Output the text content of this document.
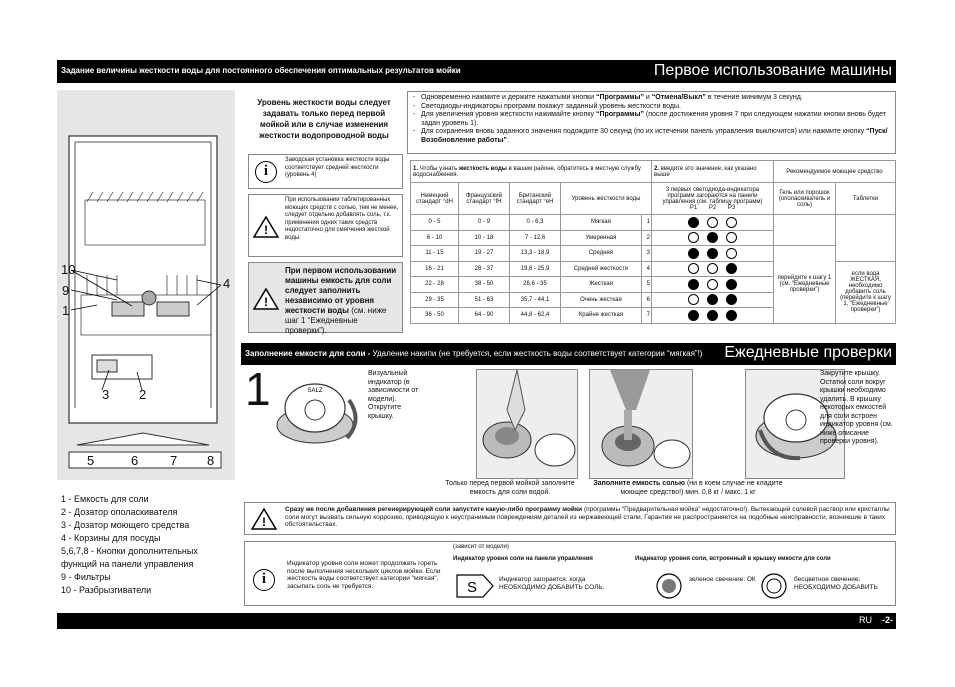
Задание величины жесткости воды для постоянного обеспечения оптимальных результатов мойки	Первое использование машины
10
9
1
4
3 2
5	6 7 8
1 - Емкость для соли
2 - Дозатор ополаскивателя
3 - Дозатор моющего средства
4 - Корзины для посуды
5,6,7,8 - Кнопки дополнительных
функций на панели управления
9 - Фильтры
10 - Разбрызгиватели
Уровень жесткости воды следует задавать только перед первой мойкой или в случае изменения жесткости водопроводной воды
- Одновременно нажмите и держите нажатыми кнопки “Программы” и “Отмена/Выкл” в течение минимум 3 секунд.
- Светодиоды-индикаторы программ покажут заданный уровень жесткости воды.
- Для увеличения уровня жесткости нажимайте кнопку “Программы” (после достижения уровня 7 при следующем нажатии кнопки вновь будет задан уровень 1).
- Для сохранения вновь заданного значения подождите 30 секунд (по их истечении панель управления выключится) или нажмите кнопку “Пуск/Возобновление работы”.
i
Заводская установка жесткости воды соответствует средней жесткости (уровень 4)
!
При использовании таблетированных моющих средств с солью, тем не менее, следует отдельно добавлять соль, т.к. применения одних таких средств недостаточно для смягчения жесткой воды.
!
При первом использовании машины емкость для соли следует заполнить независимо от уровня жесткости воды (см. ниже шаг 1 “Ежедневные проверки”).
1. Чтобы узнать жесткость воды в вашем районе, обратитесь в местную службу водоснабжения.					2. введите это значение, как указано выше	Рекомендуемое моющее средство	
Немецкий стандарт °dH	Французский стандарт °fH	Британский стандарт °eH	Уровень жесткости воды		3 первых светодиода-индикатора программ загораются на панели управления (см. таблицу программ)
P1 P2 P3	Гель или порошок (ополаскиватель и соль)	Таблетки
0 - 5	0 - 9	0 - 6,3	Мягкая	1			
6 - 10	10 - 18	7 - 12,6	Умеренная	2			
11 - 15	19 - 27	13,3 - 18,9	Средняя	3		перейдите к шагу 1 (см. “Ежедневные проверки”)	
16 - 21	28 - 37	19,6 - 25,9	Средней жесткости	4			если вода ЖЕСТКАЯ, необходимо добавить соль (перейдите к шагу 1, “Ежедневные проверки”)
22 - 28	38 - 50	26,6 - 35	Жесткая	5			
29 - 35	51 - 63	35,7 - 44,1	Очень жесткая	6			
36 - 50	64 - 90	44,8 - 62,4	Крайне жесткая	7			
Заполнение емкости для соли - Удаление накипи (не требуется, если жесткость воды соответствует категории “мягкая”!) Ежедневные проверки
1	SALZ
Визуальный индикатор (в зависимости от модели). Открутите крышку.
Закрутите крышку. Остатки соли вокруг крышки необходимо удалить. В крышку некоторых емкостей для соли встроен индикатор уровня (см. ниже описание проверки уровня).
Только перед первой мойкой заполните емкость для соли водой.
Заполните емкость солью (ни в коем случае не кладите моющее средство!) мин. 0,8 кг / макс. 1 кг
!
Сразу же после добавления регенерирующей соли запустите какую-либо программу мойки (программы “Предварительная мойка” недостаточно!). Вытекающий солевой раствор или кристаллы соли могут вызвать сильную коррозию, приводящую к неустранимым повреждениям деталей из нержавеющей стали. Гарантия не распространяется на подобные неисправности, возникшие в таких обстоятельствах.
i
Индикатор уровня соли может продолжать гореть после выполнения нескольких циклов мойки. Если жесткость воды соответствует категории “мягкая”, засыпать соль не требуется.
(зависит от модели)
Индикатор уровня соли на панели управления
S	Индикатор загорается, когда НЕОБХОДИМО ДОБАВИТЬ СОЛЬ.
Индикатор уровня соли, встроенный в крышку емкости для соли
зеленое свечение: ОК	бесцветное свечение: НЕОБХОДИМО ДОБАВИТЬ
RU -2-
